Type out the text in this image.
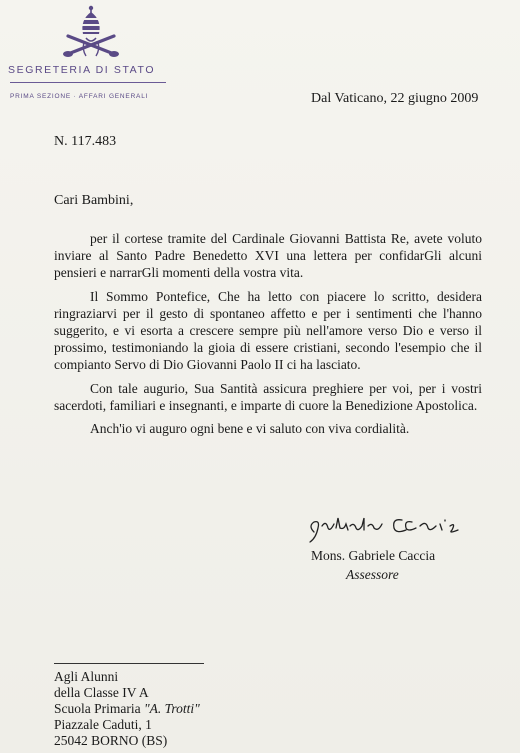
SEGRETERIA DI STATO
PRIMA SEZIONE · AFFARI GENERALI	Dal Vaticano, 22 giugno 2009
N. 117.483
Cari Bambini,

per il cortese tramite del Cardinale Giovanni Battista Re, avete voluto inviare al Santo Padre Benedetto XVI una lettera per confidarGli alcuni pensieri e narrarGli momenti della vostra vita.

Il Sommo Pontefice, Che ha letto con piacere lo scritto, desidera ringraziarvi per il gesto di spontaneo affetto e per i sentimenti che l'hanno suggerito, e vi esorta a crescere sempre più nell'amore verso Dio e verso il prossimo, testimoniando la gioia di essere cristiani, secondo l'esempio che il compianto Servo di Dio Giovanni Paolo II ci ha lasciato.

Con tale augurio, Sua Santità assicura preghiere per voi, per i vostri sacerdoti, familiari e insegnanti, e imparte di cuore la Benedizione Apostolica.

Anch'io vi auguro ogni bene e vi saluto con viva cordialità.

Mons. Gabriele Caccia
Assessore
Agli Alunni
della Classe IV A
Scuola Primaria "A. Trotti"
Piazzale Caduti, 1
25042 BORNO (BS)
